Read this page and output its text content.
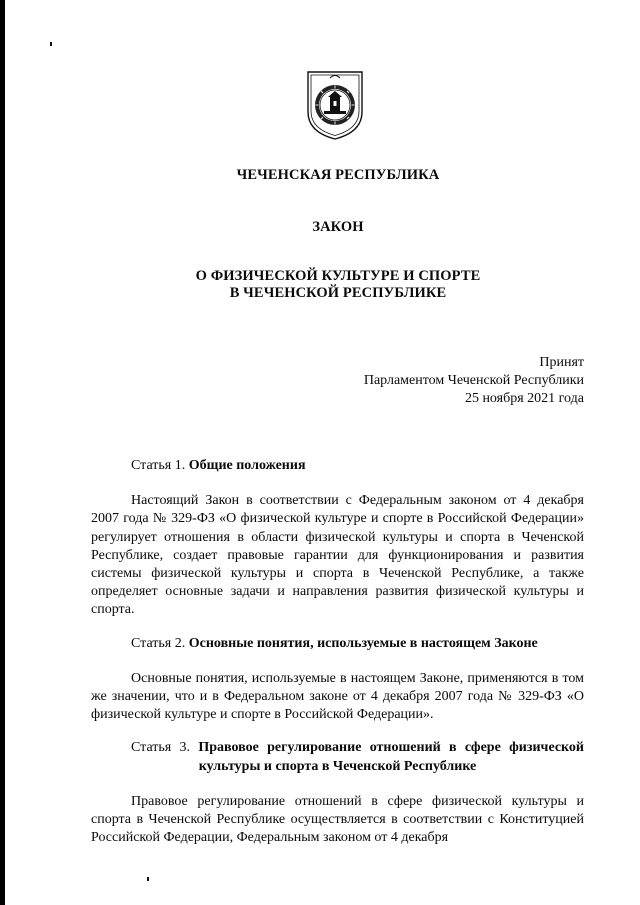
ЧЕЧЕНСКАЯ РЕСПУБЛИКА
ЗАКОН
О ФИЗИЧЕСКОЙ КУЛЬТУРЕ И СПОРТЕ
В ЧЕЧЕНСКОЙ РЕСПУБЛИКЕ
Принят
Парламентом Чеченской Республики
25 ноября 2021 года

Статья 1. Общие положения

Настоящий Закон в соответствии с Федеральным законом от 4 декабря 2007 года № 329-ФЗ «О физической культуре и спорте в Российской Федерации» регулирует отношения в области физической культуры и спорта в Чеченской Республике, создает правовые гарантии для функционирования и развития системы физической культуры и спорта в Чеченской Республике, а также определяет основные задачи и направления развития физической культуры и спорта.

Статья 2. Основные понятия, используемые в настоящем Законе

Основные понятия, используемые в настоящем Законе, применяются в том же значении, что и в Федеральном законе от 4 декабря 2007 года № 329-ФЗ «О физической культуре и спорте в Российской Федерации».

Статья 3. Правовое регулирование отношений в сфере физической культуры и спорта в Чеченской Республике

Правовое регулирование отношений в сфере физической культуры и спорта в Чеченской Республике осуществляется в соответствии с Конституцией Российской Федерации, Федеральным законом от 4 декабря
